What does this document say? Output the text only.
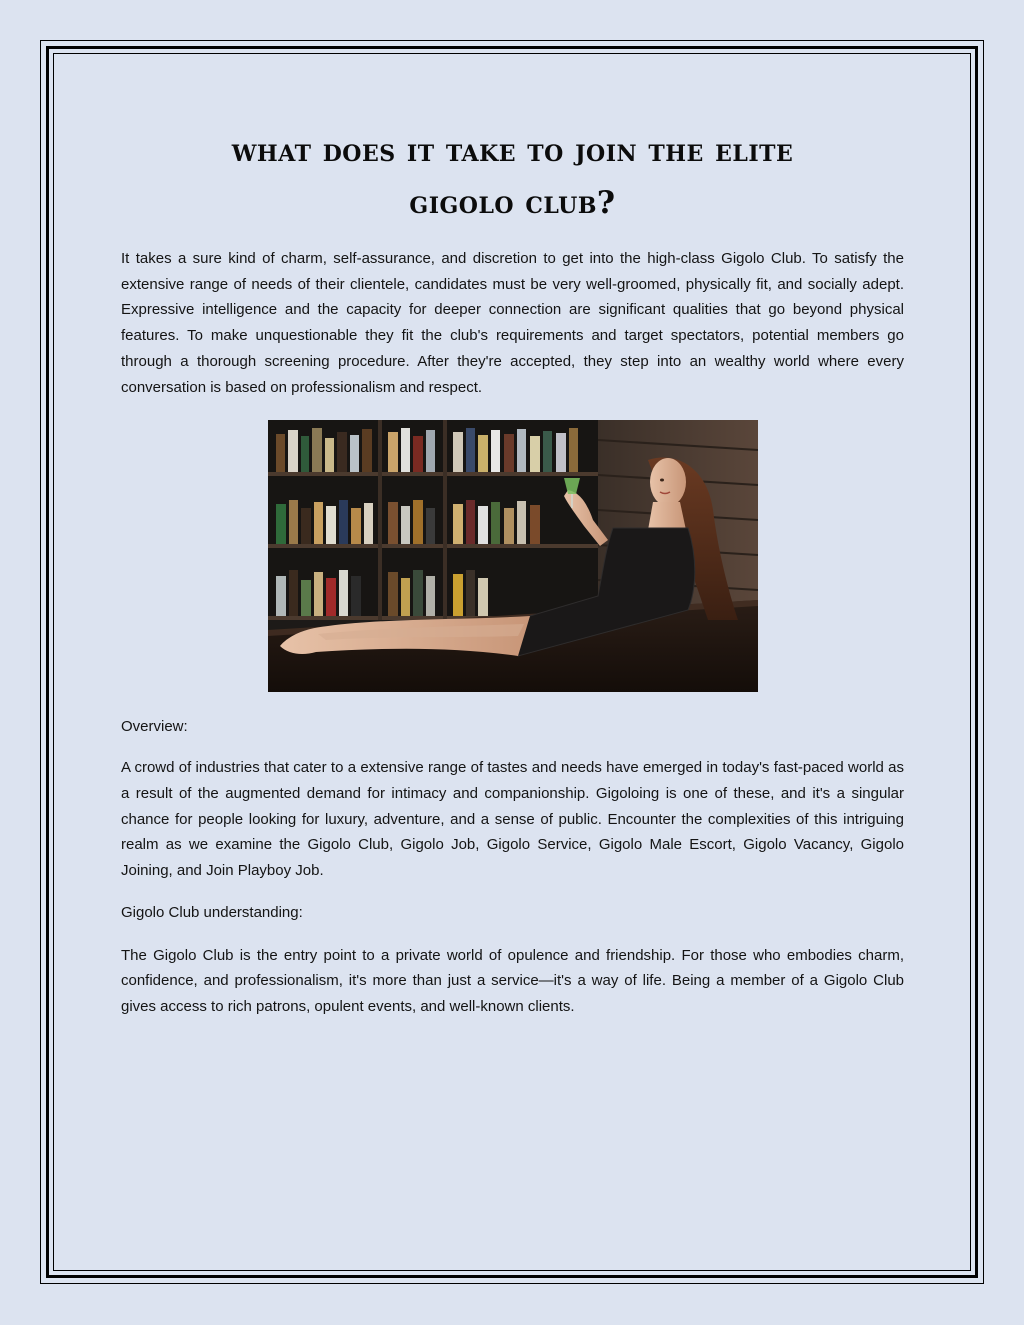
what does it take to join the elite
gigolo club?

It takes a sure kind of charm, self-assurance, and discretion to get into the high-class Gigolo Club. To satisfy the extensive range of needs of their clientele, candidates must be very well-groomed, physically fit, and socially adept. Expressive intelligence and the capacity for deeper connection are significant qualities that go beyond physical features. To make unquestionable they fit the club's requirements and target spectators, potential members go through a thorough screening procedure. After they're accepted, they step into an wealthy world where every conversation is based on professionalism and respect.

Overview:

A crowd of industries that cater to a extensive range of tastes and needs have emerged in today's fast-paced world as a result of the augmented demand for intimacy and companionship. Gigoloing is one of these, and it's a singular chance for people looking for luxury, adventure, and a sense of public. Encounter the complexities of this intriguing realm as we examine the Gigolo Club, Gigolo Job, Gigolo Service, Gigolo Male Escort, Gigolo Vacancy, Gigolo Joining, and Join Playboy Job.

Gigolo Club understanding:

The Gigolo Club is the entry point to a private world of opulence and friendship. For those who embodies charm, confidence, and professionalism, it's more than just a service—it's a way of life. Being a member of a Gigolo Club gives access to rich patrons, opulent events, and well-known clients.
